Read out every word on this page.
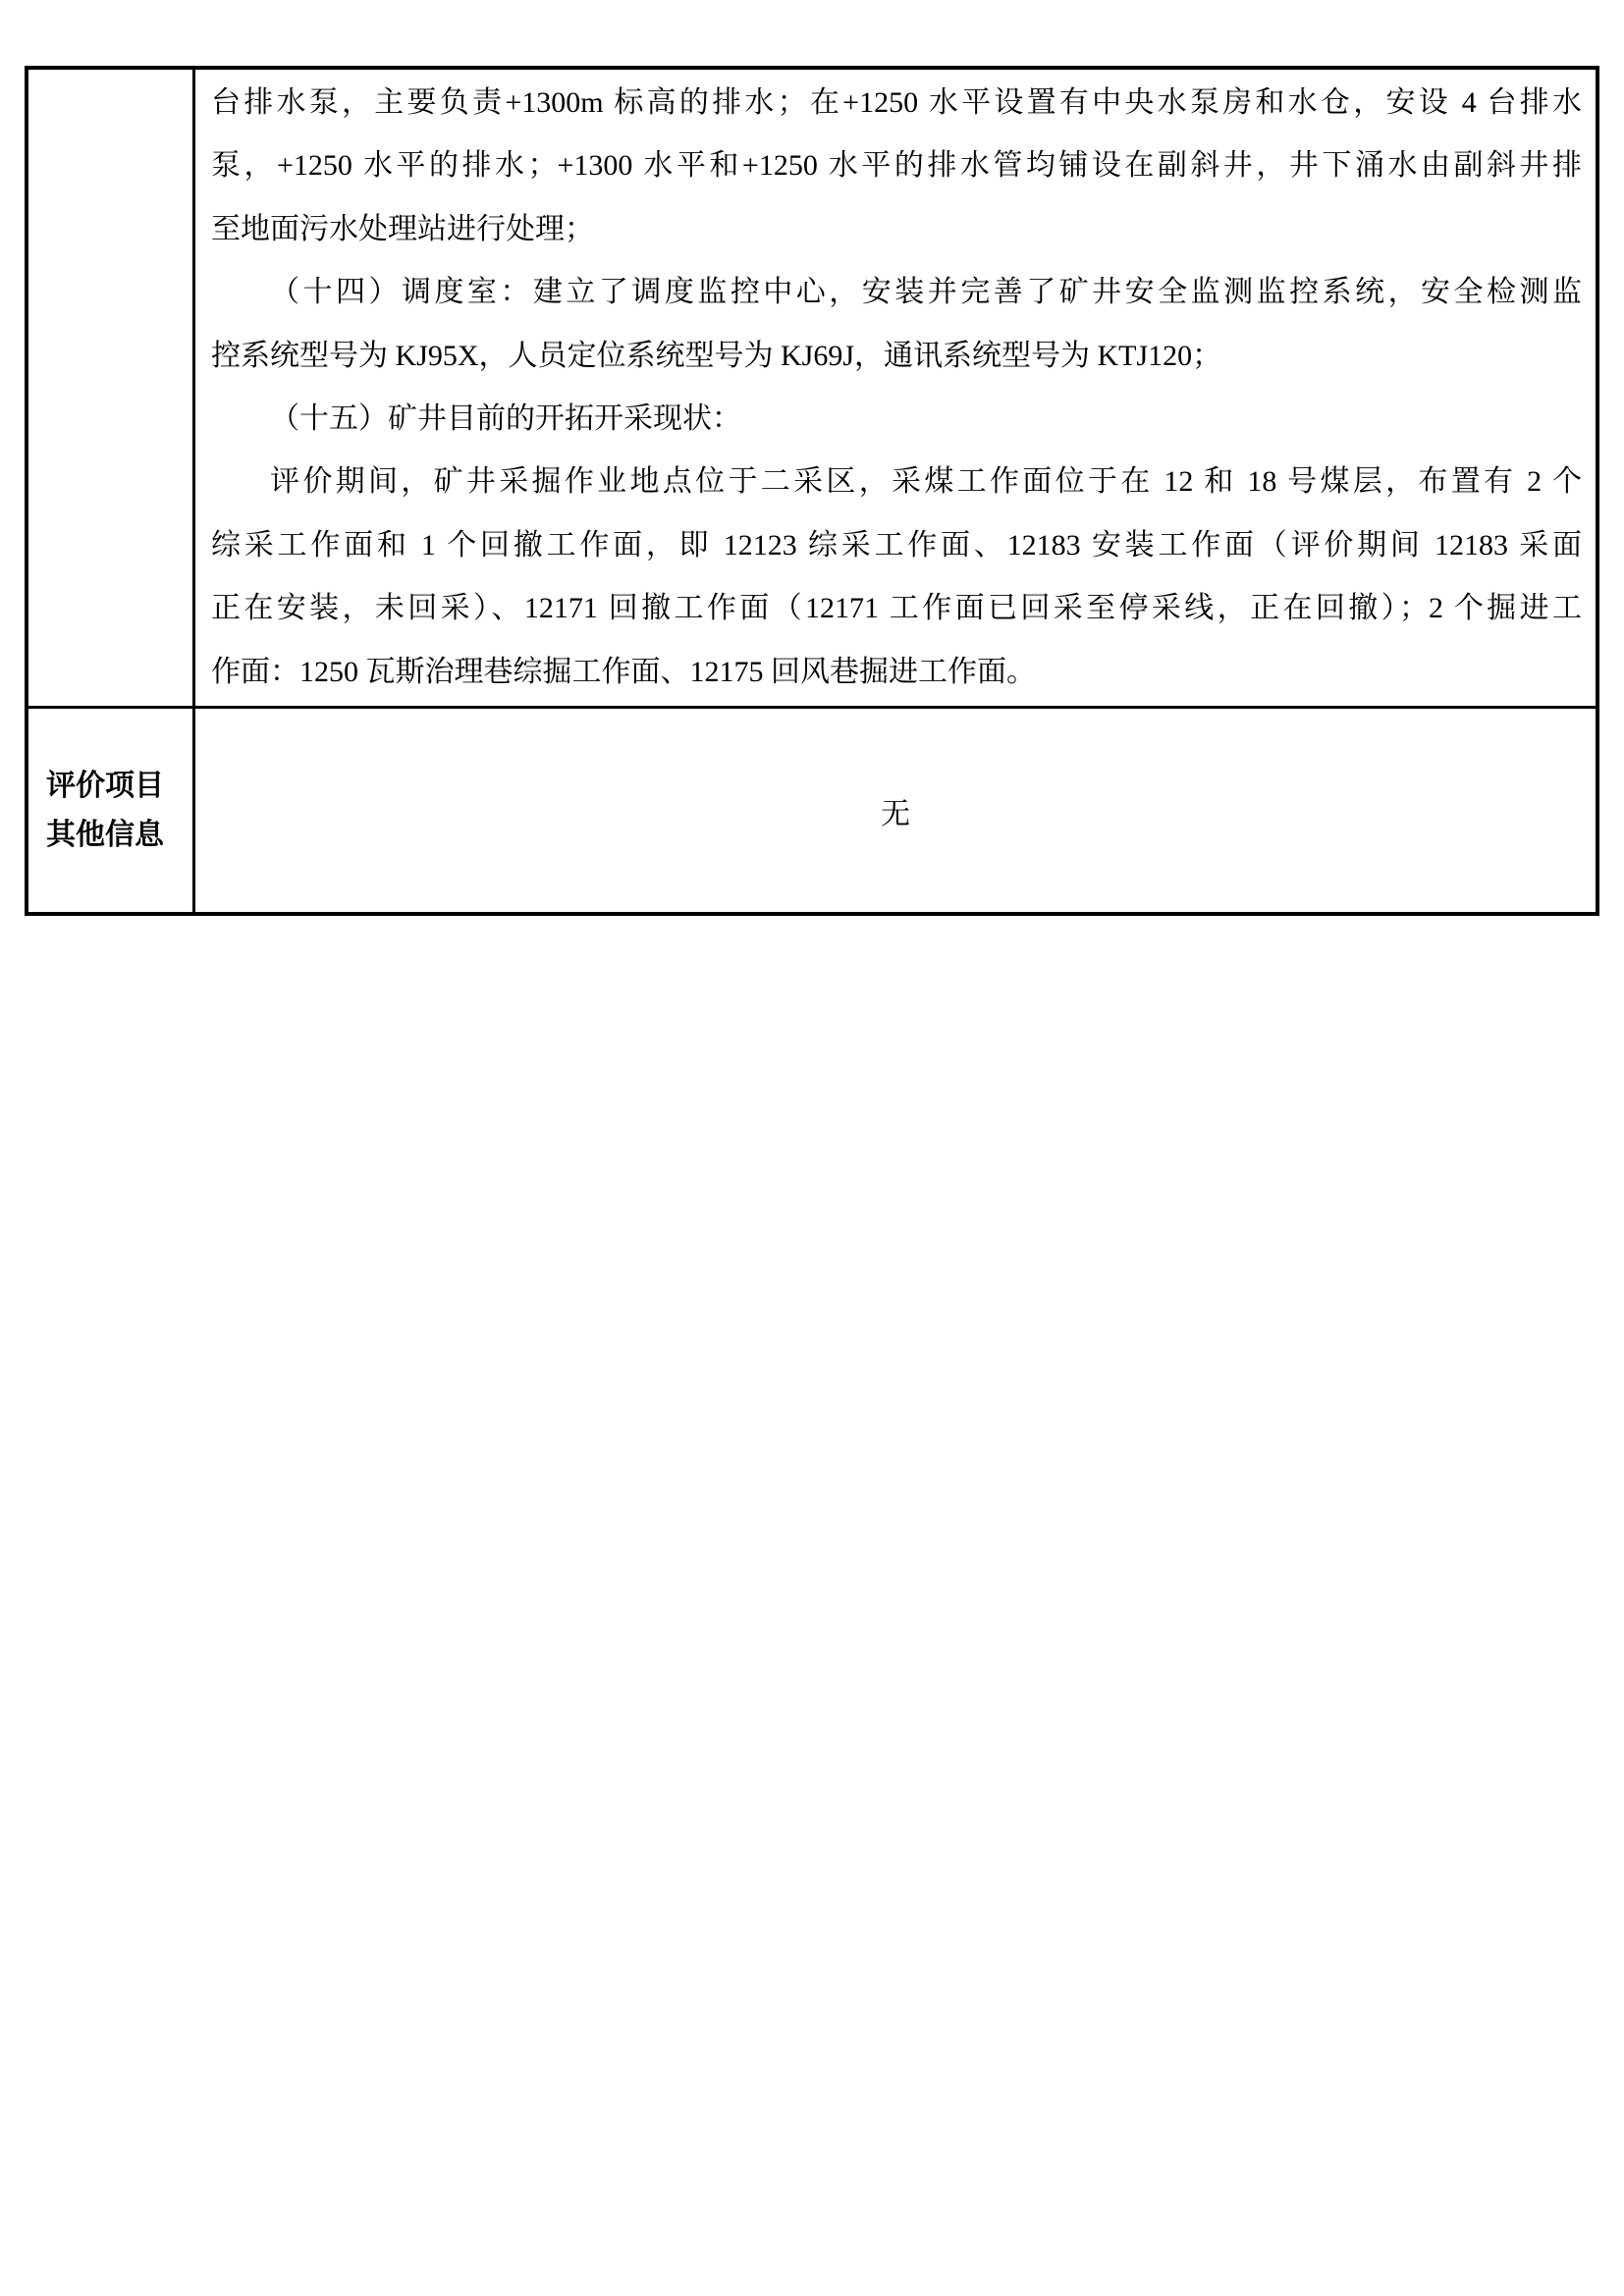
台排水泵，主要负责+1300m 标高的排水；在+1250 水平设置有中央水泵房和水仓，安设 4 台排水
泵，+1250 水平的排水；+1300 水平和+1250 水平的排水管均铺设在副斜井，井下涌水由副斜井排
至地面污水处理站进行处理；
（十四）调度室：建立了调度监控中心，安装并完善了矿井安全监测监控系统，安全检测监
控系统型号为 KJ95X，人员定位系统型号为 KJ69J，通讯系统型号为 KTJ120；
（十五）矿井目前的开拓开采现状：
评价期间，矿井采掘作业地点位于二采区，采煤工作面位于在 12 和 18 号煤层，布置有 2 个
综采工作面和 1 个回撤工作面，即 12123 综采工作面、12183 安装工作面（评价期间 12183 采面
正在安装，未回采）、12171 回撤工作面（12171 工作面已回采至停采线，正在回撤）；2 个掘进工
作面：1250 瓦斯治理巷综掘工作面、12175 回风巷掘进工作面。
评价项目
其他信息
无
